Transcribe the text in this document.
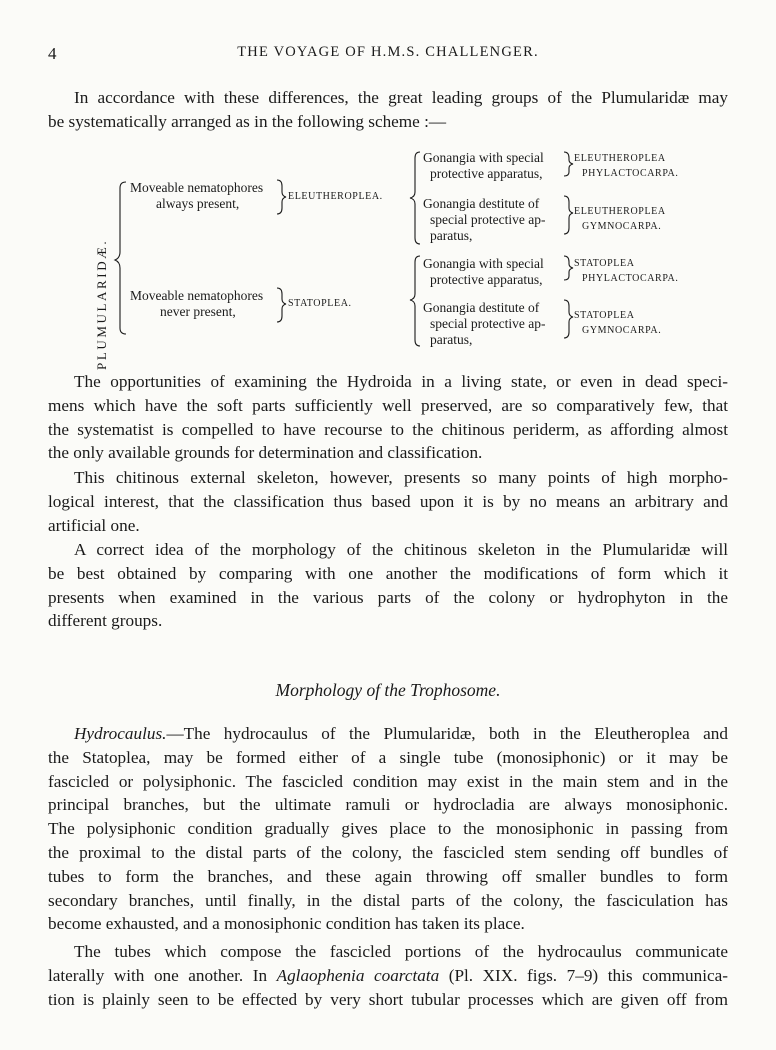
4	THE VOYAGE OF H.M.S. CHALLENGER.

In accordance with these differences, the great leading groups of the Plumularidæ may
be systematically arranged as in the following scheme :—

PLUMULARIDÆ.
Moveable nematophores
always present,	ELEUTHEROPLEA.
Moveable nematophores
never present,
STATOPLEA.
Gonangia with special
protective apparatus,
ELEUTHEROPLEA
PHYLACTOCARPA.
Gonangia destitute of
special protective ap-
paratus,
ELEUTHEROPLEA
GYMNOCARPA.
Gonangia with special
protective apparatus,
STATOPLEA
PHYLACTOCARPA.
Gonangia destitute of
special protective ap-
paratus,
STATOPLEA
GYMNOCARPA.

The opportunities of examining the Hydroida in a living state, or even in dead speci-
mens which have the soft parts sufficiently well preserved, are so comparatively few, that
the systematist is compelled to have recourse to the chitinous periderm, as affording almost
the only available grounds for determination and classification.

This chitinous external skeleton, however, presents so many points of high morpho-
logical interest, that the classification thus based upon it is by no means an arbitrary and
artificial one.

A correct idea of the morphology of the chitinous skeleton in the Plumularidæ will
be best obtained by comparing with one another the modifications of form which it
presents when examined in the various parts of the colony or hydrophyton in the
different groups.

Morphology of the Trophosome.

Hydrocaulus.—The hydrocaulus of the Plumularidæ, both in the Eleutheroplea and
the Statoplea, may be formed either of a single tube (monosiphonic) or it may be
fascicled or polysiphonic. The fascicled condition may exist in the main stem and in the
principal branches, but the ultimate ramuli or hydrocladia are always monosiphonic.
The polysiphonic condition gradually gives place to the monosiphonic in passing from
the proximal to the distal parts of the colony, the fascicled stem sending off bundles of
tubes to form the branches, and these again throwing off smaller bundles to form
secondary branches, until finally, in the distal parts of the colony, the fasciculation has
become exhausted, and a monosiphonic condition has taken its place.

The tubes which compose the fascicled portions of the hydrocaulus communicate
laterally with one another. In Aglaophenia coarctata (Pl. XIX. figs. 7–9) this communica-
tion is plainly seen to be effected by very short tubular processes which are given off from
